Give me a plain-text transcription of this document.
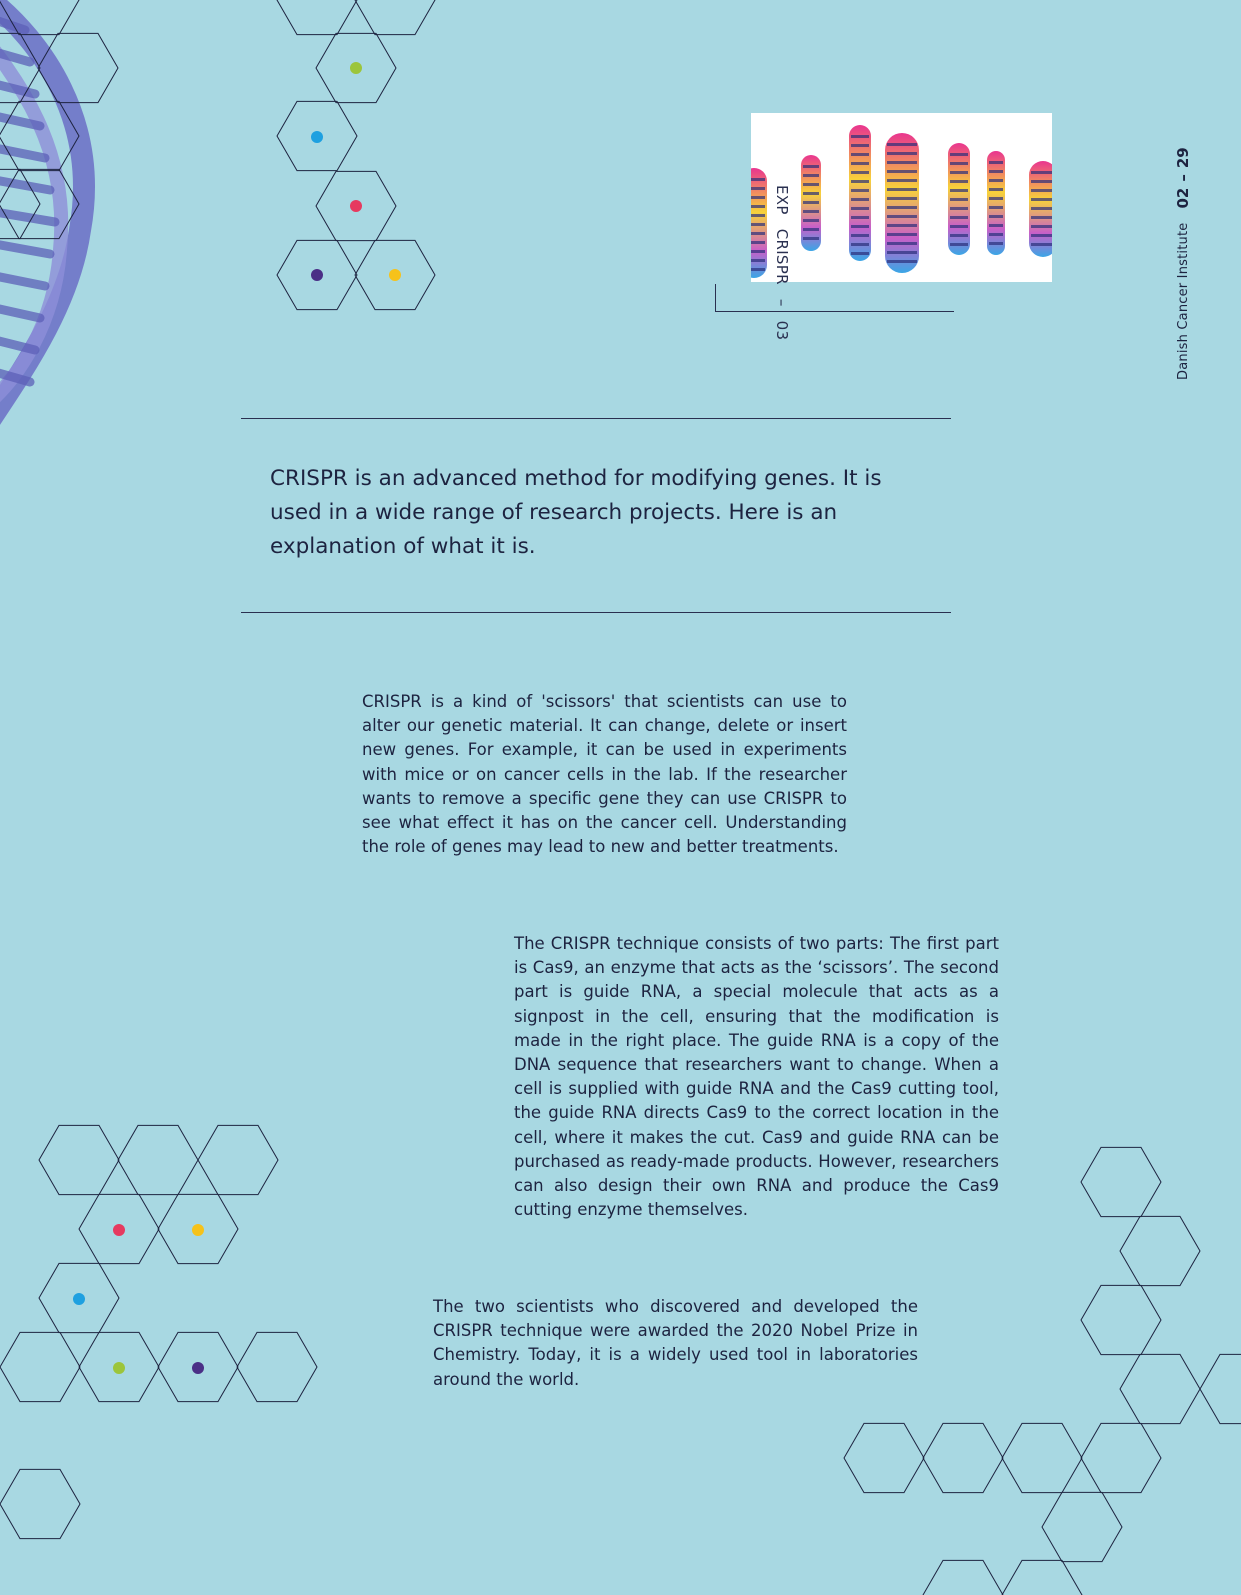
EXP
CRISPR
–
03	Danish Cancer Institute
02
–
29

CRISPR is an advanced method for modifying genes. It is used in a wide range of research projects. Here is an explanation of what it is.

CRISPR is a kind of 'scissors' that scientists can use to alter our genetic material. It can change, delete or insert new genes. For example, it can be used in experiments with mice or on cancer cells in the lab. If the researcher wants to remove a specific gene they can use CRISPR to see what effect it has on the cancer cell. Understanding the role of genes may lead to new and better treatments.

The CRISPR technique consists of two parts: The first part is Cas9, an enzyme that acts as the ‘scissors’. The second part is guide RNA, a special molecule that acts as a signpost in the cell, ensuring that the modification is made in the right place. The guide RNA is a copy of the DNA sequence that researchers want to change. When a cell is supplied with guide RNA and the Cas9 cutting tool, the guide RNA directs Cas9 to the correct location in the cell, where it makes the cut. Cas9 and guide RNA can be purchased as ready-made products. However, researchers can also design their own RNA and produce the Cas9 cutting enzyme themselves.

The two scientists who discovered and developed the CRISPR technique were awarded the 2020 Nobel Prize in Chemistry. Today, it is a widely used tool in laboratories around the world.
